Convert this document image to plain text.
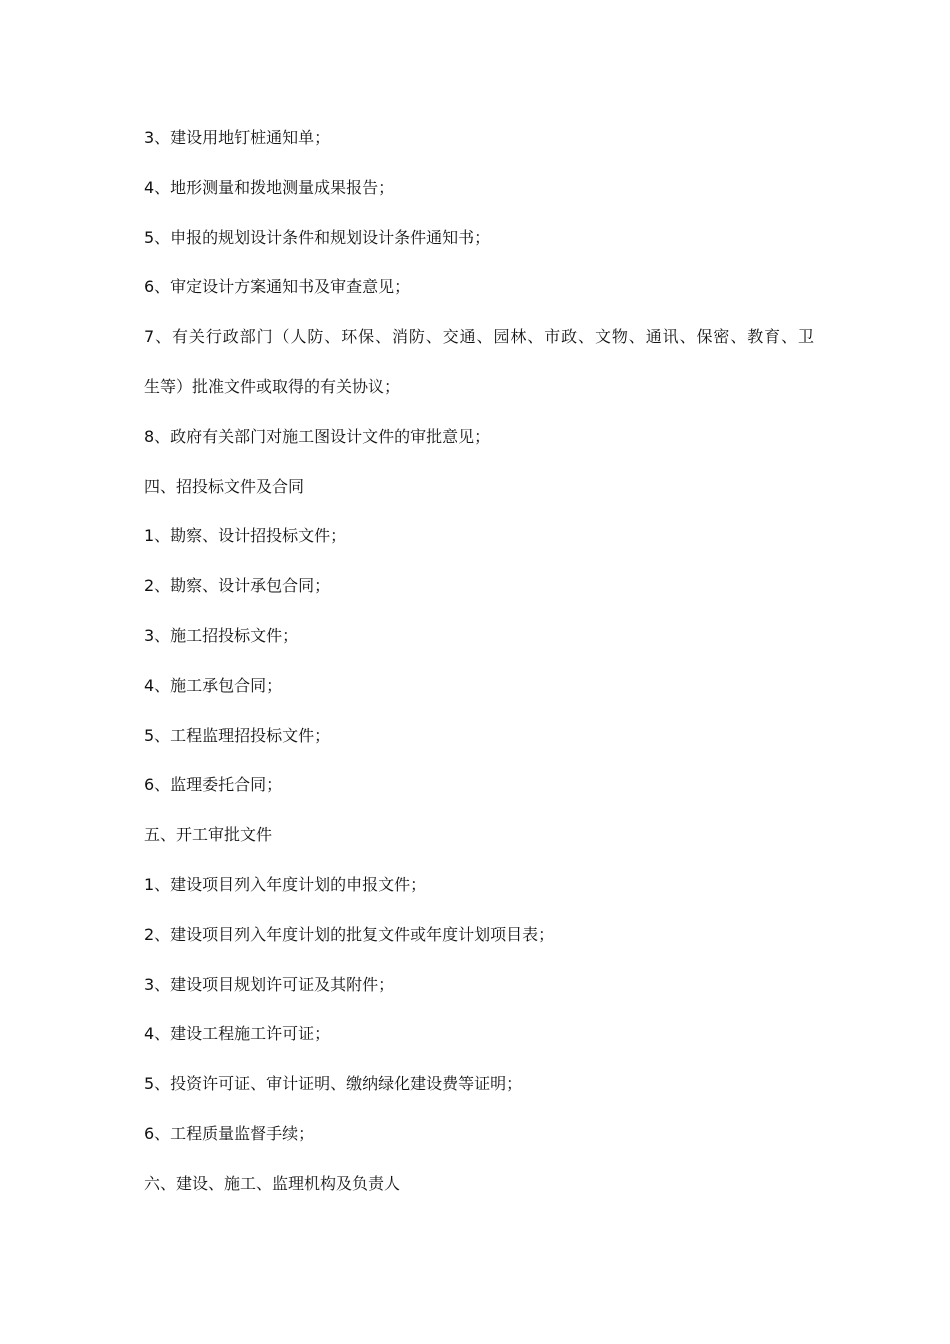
3、建设用地钉桩通知单；
4、地形测量和拨地测量成果报告；
5、申报的规划设计条件和规划设计条件通知书；
6、审定设计方案通知书及审查意见；
7、有关行政部门（人防、环保、消防、交通、园林、市政、文物、通讯、保密、教育、卫
生等）批准文件或取得的有关协议；
8、政府有关部门对施工图设计文件的审批意见；
四、招投标文件及合同
1、勘察、设计招投标文件；
2、勘察、设计承包合同；
3、施工招投标文件；
4、施工承包合同；
5、工程监理招投标文件；
6、监理委托合同；
五、开工审批文件
1、建设项目列入年度计划的申报文件；
2、建设项目列入年度计划的批复文件或年度计划项目表；
3、建设项目规划许可证及其附件；
4、建设工程施工许可证；
5、投资许可证、审计证明、缴纳绿化建设费等证明；
6、工程质量监督手续；
六、建设、施工、监理机构及负责人
